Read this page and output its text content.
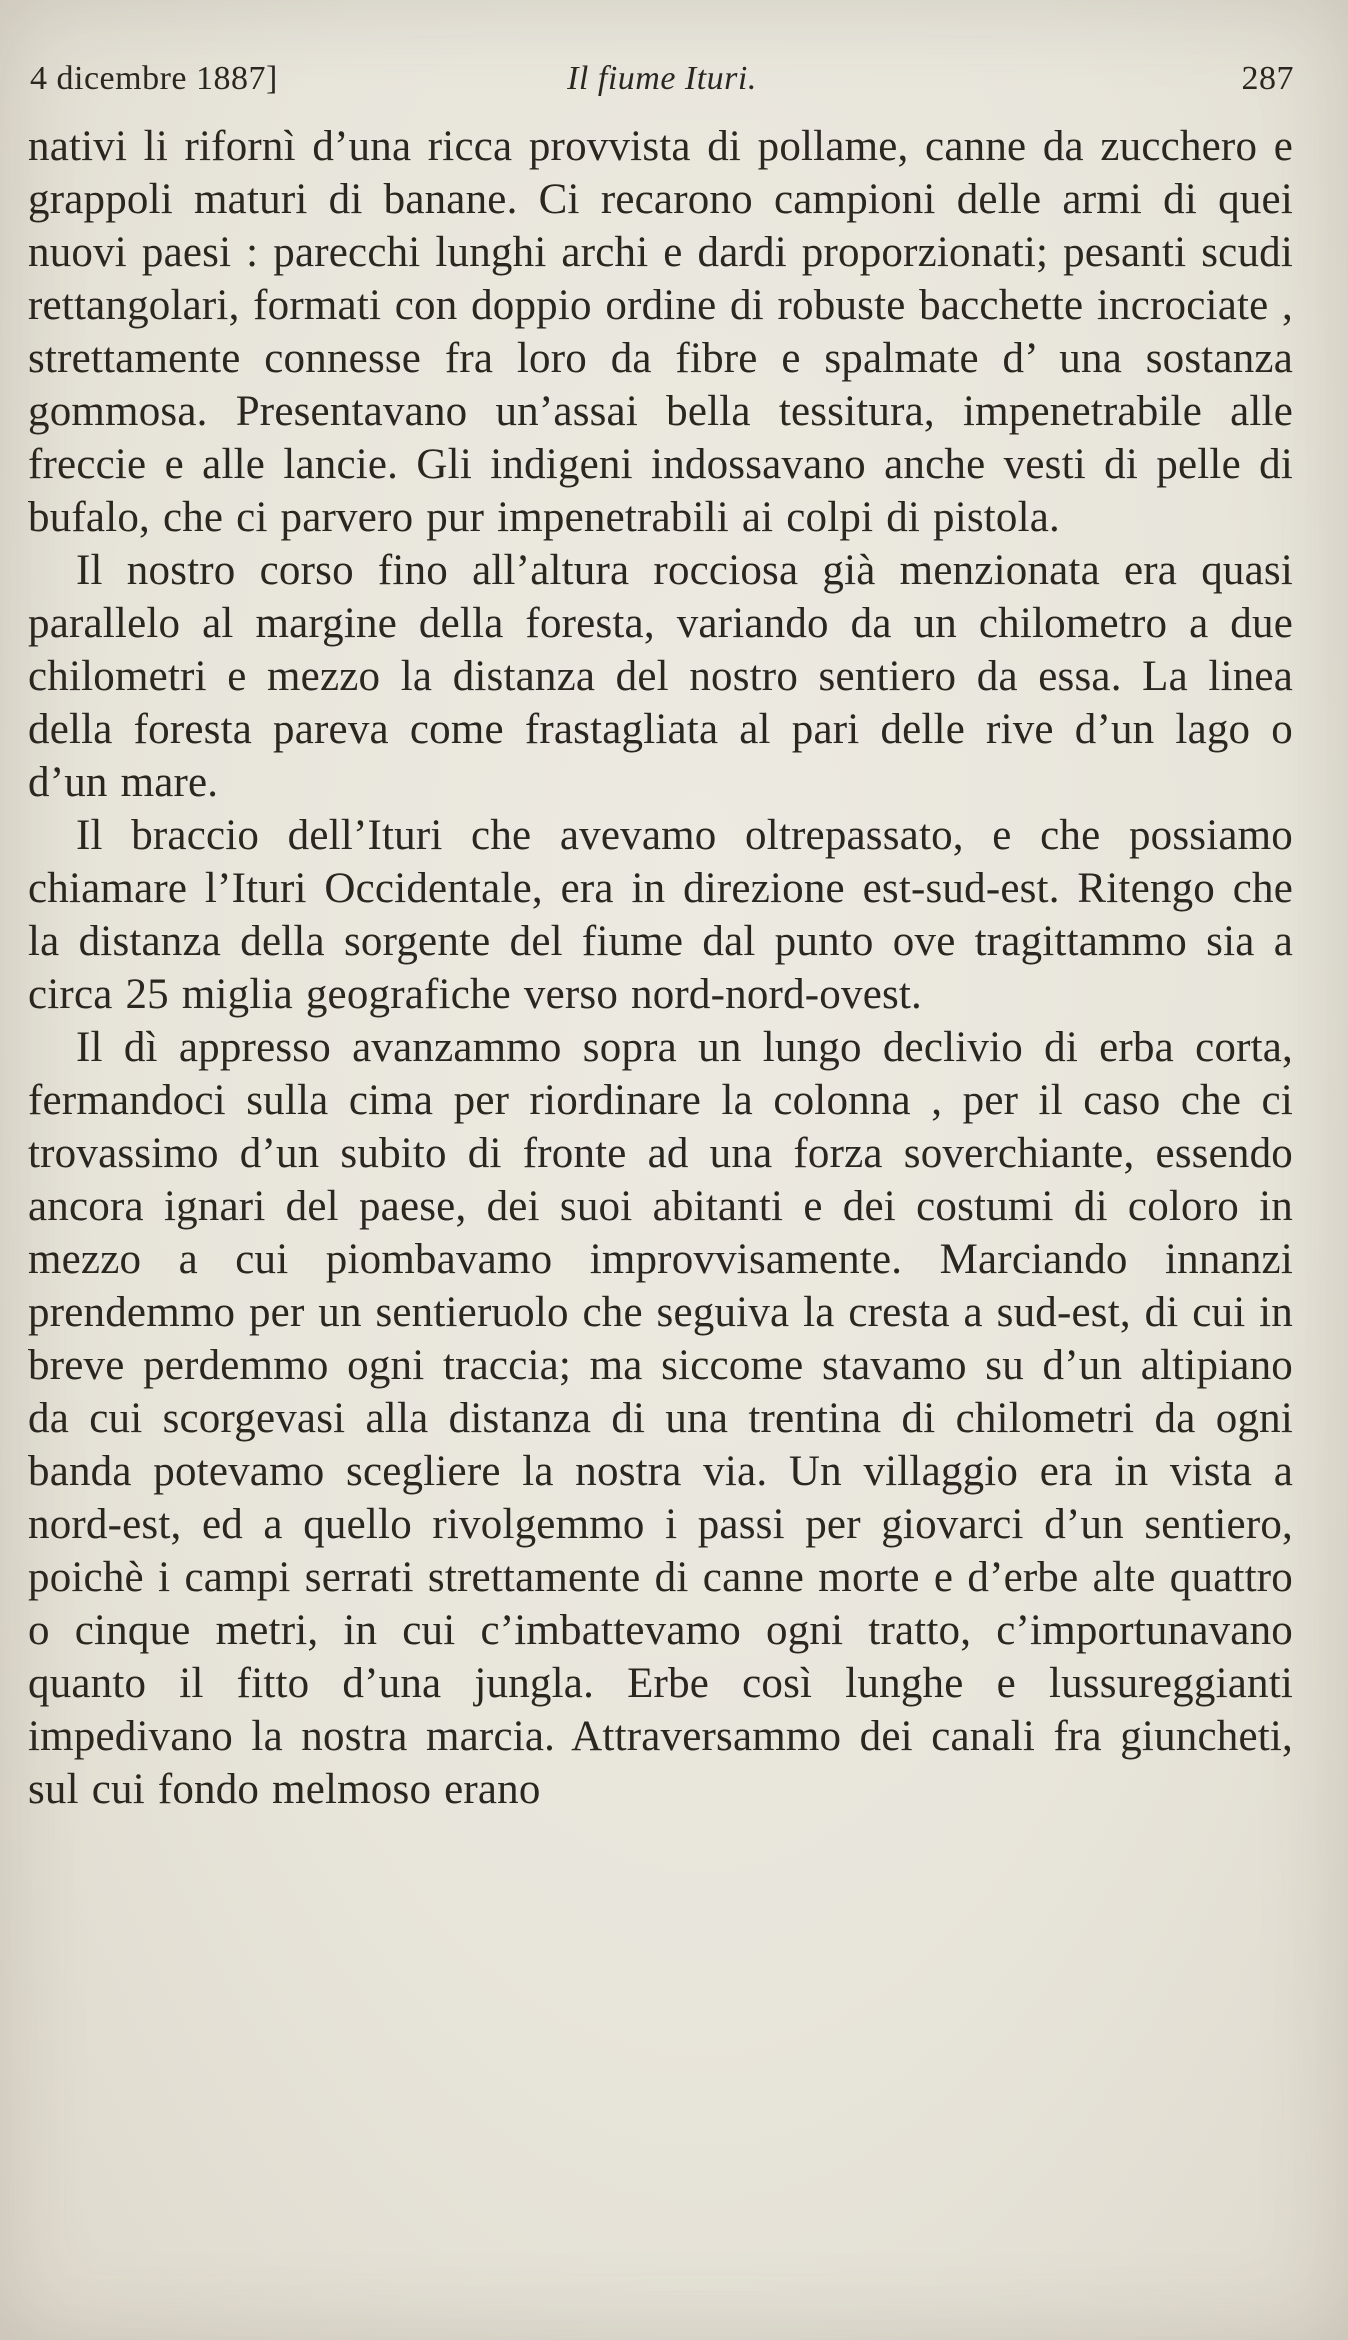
4 dicembre 1887]	Il fiume Ituri.	287

nativi li rifornì d’una ricca provvista di pollame, canne da zucchero e grappoli maturi di banane. Ci recarono campioni delle armi di quei nuovi paesi : parecchi lunghi archi e dardi proporzionati; pesanti scudi rettangolari, formati con doppio ordine di robuste bacchette incrociate , strettamente connesse fra loro da fibre e spalmate d’ una sostanza gommosa. Presentavano un’assai bella tessitura, impenetrabile alle freccie e alle lancie. Gli indigeni indossavano anche vesti di pelle di bufalo, che ci parvero pur impenetrabili ai colpi di pistola.

Il nostro corso fino all’altura rocciosa già menzionata era quasi parallelo al margine della foresta, variando da un chilometro a due chilometri e mezzo la distanza del nostro sentiero da essa. La linea della foresta pareva come frastagliata al pari delle rive d’un lago o d’un mare.

Il braccio dell’Ituri che avevamo oltrepassato, e che possiamo chiamare l’Ituri Occidentale, era in direzione est-sud-est. Ritengo che la distanza della sorgente del fiume dal punto ove tragittammo sia a circa 25 miglia geografiche verso nord-nord-ovest.

Il dì appresso avanzammo sopra un lungo declivio di erba corta, fermandoci sulla cima per riordinare la colonna , per il caso che ci trovassimo d’un subito di fronte ad una forza soverchiante, essendo ancora ignari del paese, dei suoi abitanti e dei costumi di coloro in mezzo a cui piombavamo improvvisamente. Marciando innanzi prendemmo per un sentieruolo che seguiva la cresta a sud-est, di cui in breve perdemmo ogni traccia; ma siccome stavamo su d’un altipiano da cui scorgevasi alla distanza di una trentina di chilometri da ogni banda potevamo scegliere la nostra via. Un villaggio era in vista a nord-est, ed a quello rivolgemmo i passi per giovarci d’un sentiero, poichè i campi serrati strettamente di canne morte e d’erbe alte quattro o cinque metri, in cui c’imbattevamo ogni tratto, c’importunavano quanto il fitto d’una jungla. Erbe così lunghe e lussureggianti impedivano la nostra marcia. Attraversammo dei canali fra giuncheti, sul cui fondo melmoso erano
